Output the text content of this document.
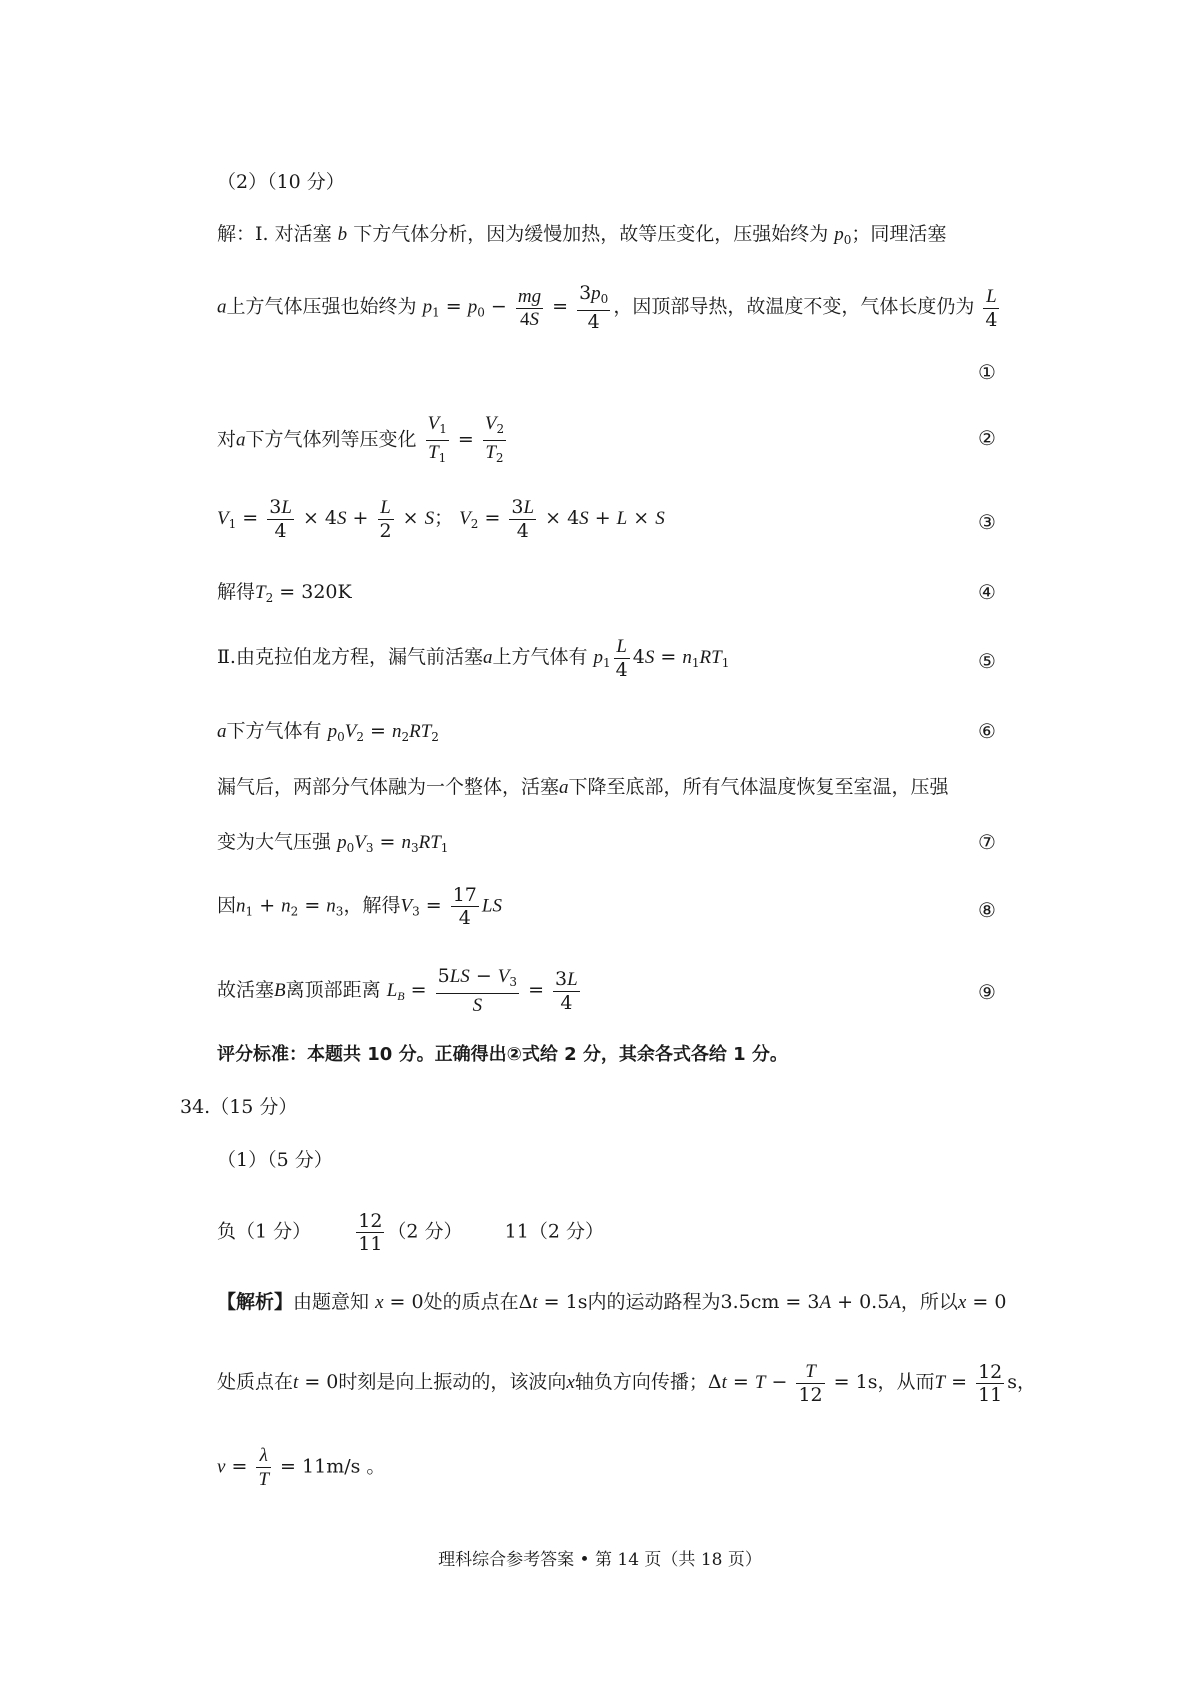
（2）（10 分）
解：Ⅰ. 对活塞 b 下方气体分析，因为缓慢加热，故等压变化，压强始终为 $p_0$；同理活塞
a上方气体压强也始终为 $p_1 = p_0 - \frac{mg}{4S} = \frac{3p_0}{4}$ ，因顶部导热，故温度不变，气体长度仍为 $\frac{L}{4}$
①
对a下方气体列等压变化 $\frac{V_1}{T_1} = \frac{V_2}{T_2}$	②
$V_1 = \frac{3L}{4} \times 4S + \frac{L}{2} \times S$； $V_2 = \frac{3L}{4} \times 4S + L \times S$	③
解得$T_2 = 320K$	④
Ⅱ.由克拉伯龙方程，漏气前活塞a上方气体有 $p_1 \frac{L}{4} 4S = n_1RT_1$	⑤
a下方气体有 $p_0V_2 = n_2RT_2$	⑥
漏气后，两部分气体融为一个整体，活塞a下降至底部，所有气体温度恢复至室温，压强
变为大气压强 $p_0V_3 = n_3RT_1$	⑦
因$n_1 + n_2 = n_3$，解得$V_3 = \frac{17}{4}$ LS	⑧
故活塞B离顶部距离 $L_B = \frac{5LS - V_3}{S} = \frac{3L}{4}$	⑨
评分标准：本题共 10 分。正确得出②式给 2 分，其余各式各给 1 分。
34.（15 分）
（1）（5 分）
负（1 分） $\frac{12}{11} (2$ 分） 11（2 分）
【解析】由题意知 x = 0处的质点在Δt = 1s内的运动路程为3.5cm = 3A + 0.5A，所以x = 0
处质点在t = 0时刻是向上振动的，该波向x轴负方向传播；$\Delta t = T - \frac{T}{12} = 1s$，从而$T = \frac{12}{11}$ s，
$v = \frac{\lambda}{T} = 11m/s$ 。
理科综合参考答案 • 第 14 页（共 18 页）
